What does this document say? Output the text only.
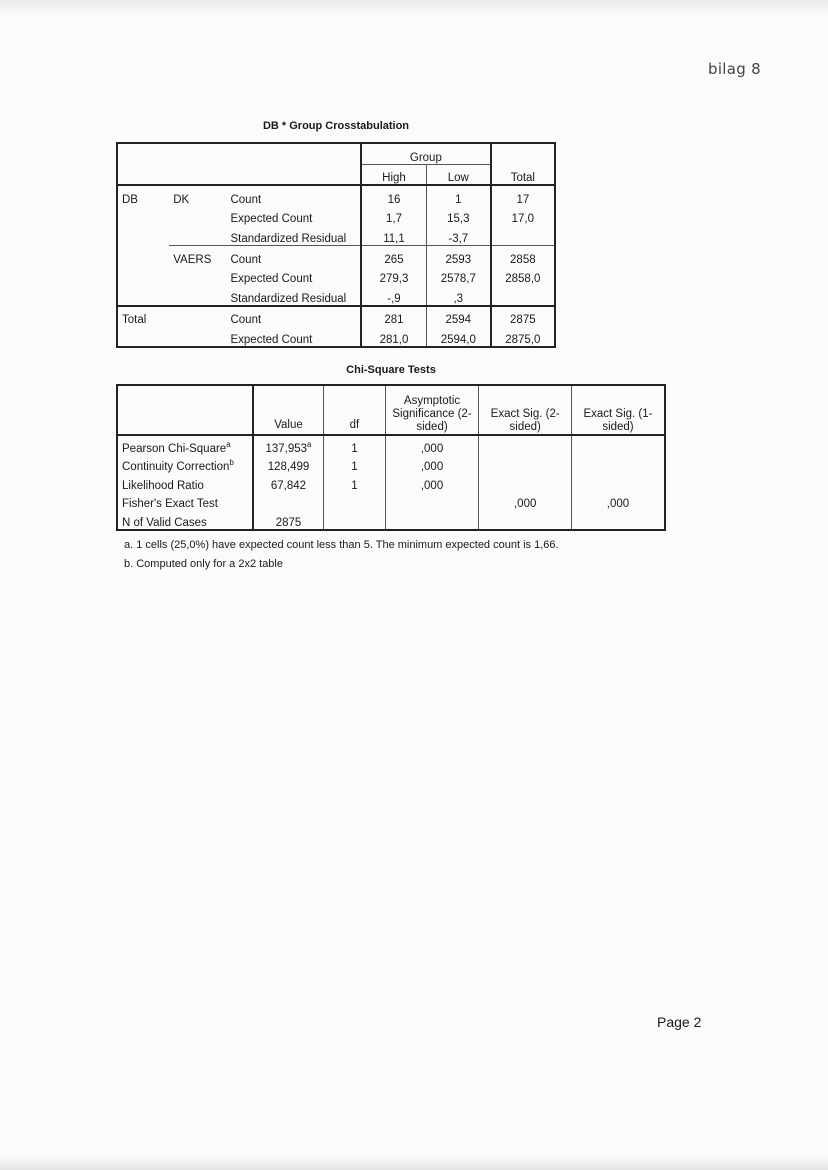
bilag 8
DB * Group Crosstabulation
			Group		Total
			High	Low	
DB	DK	Count	16	1	17
		Expected Count	1,7	15,3	17,0
		Standardized Residual	11,1	-3,7	
	VAERS	Count	265	2593	2858
		Expected Count	279,3	2578,7	2858,0
		Standardized Residual	-,9	,3	
Total		Count	281	2594	2875
		Expected Count	281,0	2594,0	2875,0
Chi-Square Tests
	Value	df	Asymptotic Significance (2-sided)	Exact Sig. (2-sided)	Exact Sig. (1-sided)
Pearson Chi-Square$^a$	137,953$^a$	1	,000		
Continuity Correction$^b$	128,499	1	,000		
Likelihood Ratio	67,842	1	,000		
Fisher's Exact Test				,000	,000
N of Valid Cases	2875				
a. 1 cells (25,0%) have expected count less than 5. The minimum expected count is 1,66.
b. Computed only for a 2x2 table
Page 2
